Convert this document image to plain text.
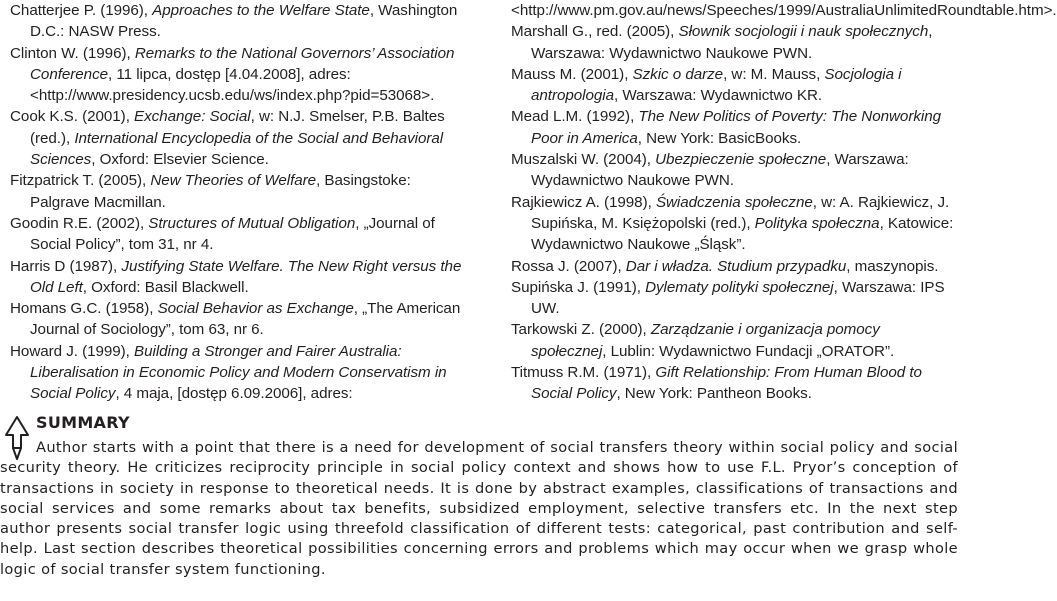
Chatterjee P. (1996), Approaches to the Welfare State, Washington D.C.: NASW Press.

Clinton W. (1996), Remarks to the National Governors’ Association Conference, 11 lipca, dostęp [4.04.2008], adres: <http://www.presidency.ucsb.edu/ws/index.php?pid=53068>.

Cook K.S. (2001), Exchange: Social, w: N.J. Smelser, P.B. Baltes (red.), International Encyclopedia of the Social and Behavioral Sciences, Oxford: Elsevier Science.

Fitzpatrick T. (2005), New Theories of Welfare, Basingstoke: Palgrave Macmillan.

Goodin R.E. (2002), Structures of Mutual Obligation, „Journal of Social Policy”, tom 31, nr 4.

Harris D (1987), Justifying State Welfare. The New Right versus the Old Left, Oxford: Basil Blackwell.

Homans G.C. (1958), Social Behavior as Exchange, „The American Journal of Sociology”, tom 63, nr 6.

Howard J. (1999), Building a Stronger and Fairer Australia: Liberalisation in Economic Policy and Modern Conservatism in Social Policy, 4 maja, [dostęp 6.09.2006], adres:

<http://www.pm.gov.au/news/Speeches/1999/AustraliaUnlimitedRoundtable.htm>.

Marshall G., red. (2005), Słownik socjologii i nauk społecznych, Warszawa: Wydawnictwo Naukowe PWN.

Mauss M. (2001), Szkic o darze, w: M. Mauss, Socjologia i antropologia, Warszawa: Wydawnictwo KR.

Mead L.M. (1992), The New Politics of Poverty: The Nonworking Poor in America, New York: BasicBooks.

Muszalski W. (2004), Ubezpieczenie społeczne, Warszawa: Wydawnictwo Naukowe PWN.

Rajkiewicz A. (1998), Świadczenia społeczne, w: A. Rajkiewicz, J. Supińska, M. Księżopolski (red.), Polityka społeczna, Katowice: Wydawnictwo Naukowe „Śląsk”.

Rossa J. (2007), Dar i władza. Studium przypadku, maszynopis.

Supińska J. (1991), Dylematy polityki społecznej, Warszawa: IPS UW.

Tarkowski Z. (2000), Zarządzanie i organizacja pomocy społecznej, Lublin: Wydawnictwo Fundacji „ORATOR”.

Titmuss R.M. (1971), Gift Relationship: From Human Blood to Social Policy, New York: Pantheon Books.

SUMMARY

Author starts with a point that there is a need for development of social transfers theory within social policy and social security theory. He criticizes reciprocity principle in social policy context and shows how to use F.L. Pryor’s conception of transactions in society in response to theoretical needs. It is done by abstract examples, classifications of transactions and social services and some remarks about tax benefits, subsidized employment, selective transfers etc. In the next step author presents social transfer logic using threefold classification of different tests: categorical, past contribution and self-help. Last section describes theoretical possibilities concerning errors and problems which may occur when we grasp whole logic of social transfer system functioning.
